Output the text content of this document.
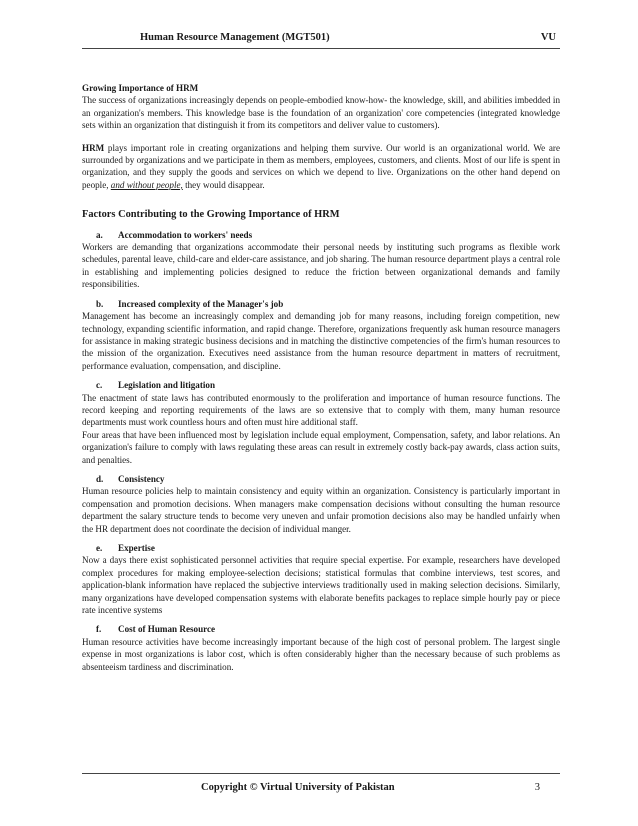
Human Resource Management (MGT501)	VU

Growing Importance of HRM

The success of organizations increasingly depends on people-embodied know-how- the knowledge, skill, and abilities imbedded in an organization's members. This knowledge base is the foundation of an organization' core competencies (integrated knowledge sets within an organization that distinguish it from its competitors and deliver value to customers).

HRM plays important role in creating organizations and helping them survive. Our world is an organizational world. We are surrounded by organizations and we participate in them as members, employees, customers, and clients. Most of our life is spent in organization, and they supply the goods and services on which we depend to live. Organizations on the other hand depend on people, and without people, they would disappear.

Factors Contributing to the Growing Importance of HRM

a. Accommodation to workers' needs

Workers are demanding that organizations accommodate their personal needs by instituting such programs as flexible work schedules, parental leave, child-care and elder-care assistance, and job sharing. The human resource department plays a central role in establishing and implementing policies designed to reduce the friction between organizational demands and family responsibilities.

b. Increased complexity of the Manager's job

Management has become an increasingly complex and demanding job for many reasons, including foreign competition, new technology, expanding scientific information, and rapid change. Therefore, organizations frequently ask human resource managers for assistance in making strategic business decisions and in matching the distinctive competencies of the firm's human resources to the mission of the organization. Executives need assistance from the human resource department in matters of recruitment, performance evaluation, compensation, and discipline.

c. Legislation and litigation

The enactment of state laws has contributed enormously to the proliferation and importance of human resource functions. The record keeping and reporting requirements of the laws are so extensive that to comply with them, many human resource departments must work countless hours and often must hire additional staff.

Four areas that have been influenced most by legislation include equal employment, Compensation, safety, and labor relations. An organization's failure to comply with laws regulating these areas can result in extremely costly back-pay awards, class action suits, and penalties.

d. Consistency

Human resource policies help to maintain consistency and equity within an organization. Consistency is particularly important in compensation and promotion decisions. When managers make compensation decisions without consulting the human resource department the salary structure tends to become very uneven and unfair promotion decisions also may be handled unfairly when the HR department does not coordinate the decision of individual manger.

e. Expertise

Now a days there exist sophisticated personnel activities that require special expertise. For example, researchers have developed complex procedures for making employee-selection decisions; statistical formulas that combine interviews, test scores, and application-blank information have replaced the subjective interviews traditionally used in making selection decisions. Similarly, many organizations have developed compensation systems with elaborate benefits packages to replace simple hourly pay or piece rate incentive systems

f. Cost of Human Resource

Human resource activities have become increasingly important because of the high cost of personal problem. The largest single expense in most organizations is labor cost, which is often considerably higher than the necessary because of such problems as absenteeism tardiness and discrimination.

Copyright © Virtual University of Pakistan	3
